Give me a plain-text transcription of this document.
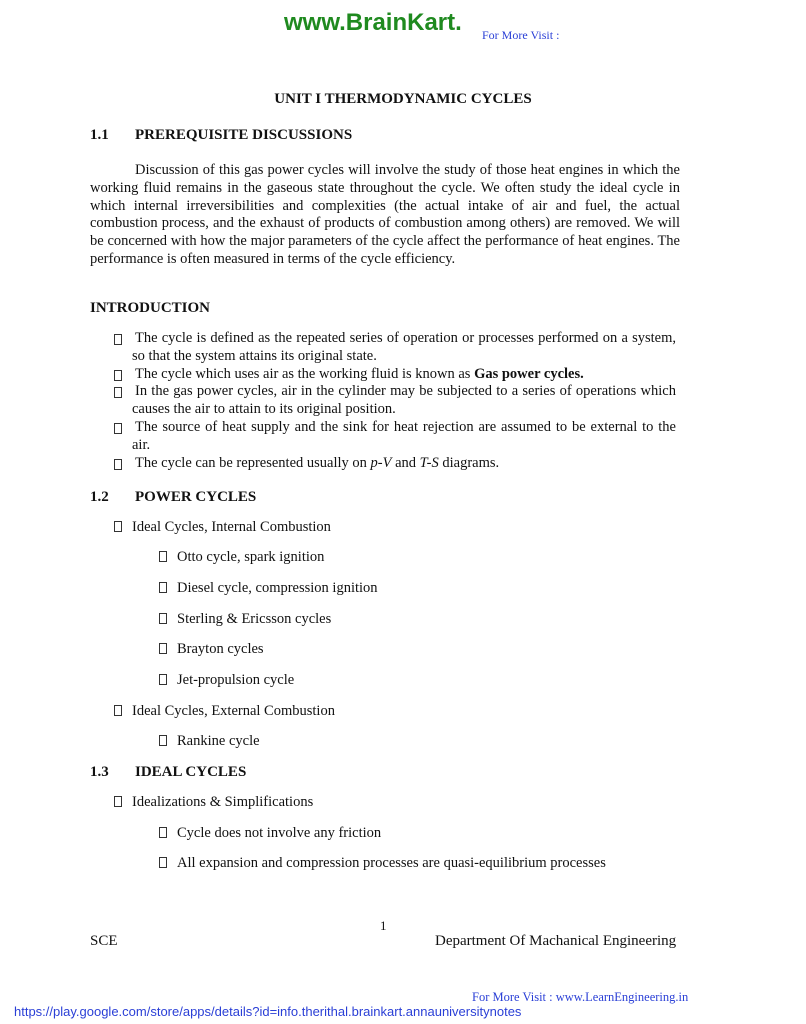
www.BrainKart.	For More Visit :
UNIT I THERMODYNAMIC CYCLES
1.1 PREREQUISITE DISCUSSIONS
Discussion of this gas power cycles will involve the study of those heat engines in which the working fluid remains in the gaseous state throughout the cycle. We often study the ideal cycle in which internal irreversibilities and complexities (the actual intake of air and fuel, the actual combustion process, and the exhaust of products of combustion among others) are removed. We will be concerned with how the major parameters of the cycle affect the performance of heat engines. The performance is often measured in terms of the cycle efficiency.
INTRODUCTION
The cycle is defined as the repeated series of operation or processes performed on a system, so that the system attains its original state.
The cycle which uses air as the working fluid is known as Gas power cycles.
In the gas power cycles, air in the cylinder may be subjected to a series of operations which causes the air to attain to its original position.
The source of heat supply and the sink for heat rejection are assumed to be external to the air.
The cycle can be represented usually on p-V and T-S diagrams.
1.2 POWER CYCLES
Ideal Cycles, Internal Combustion
Otto cycle, spark ignition
Diesel cycle, compression ignition
Sterling & Ericsson cycles
Brayton cycles
Jet-propulsion cycle
Ideal Cycles, External Combustion
Rankine cycle
1.3 IDEAL CYCLES
Idealizations & Simplifications
Cycle does not involve any friction
All expansion and compression processes are quasi-equilibrium processes
1
SCE	Department Of Machanical Engineering
For More Visit : www.LearnEngineering.in
https://play.google.com/store/apps/details?id=info.therithal.brainkart.annauniversitynotes
